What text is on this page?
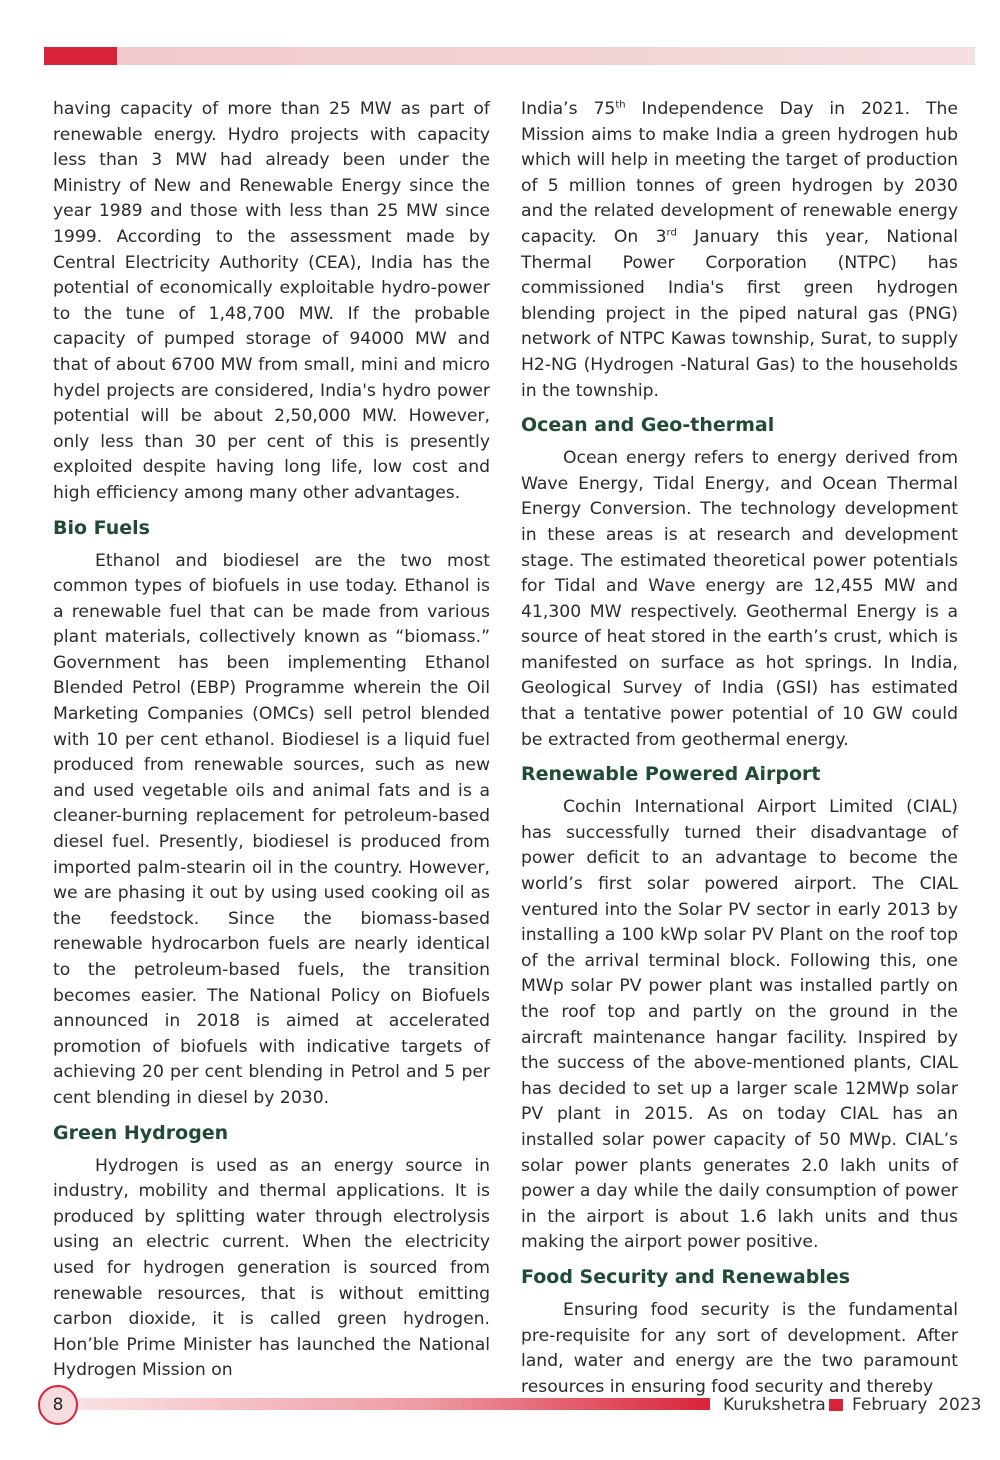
having capacity of more than 25 MW as part of renewable energy. Hydro projects with capacity less than 3 MW had already been under the Ministry of New and Renewable Energy since the year 1989 and those with less than 25 MW since 1999. According to the assessment made by Central Electricity Authority (CEA), India has the potential of economically exploitable hydro-power to the tune of 1,48,700 MW. If the probable capacity of pumped storage of 94000 MW and that of about 6700 MW from small, mini and micro hydel projects are considered, India's hydro power potential will be about 2,50,000 MW. However, only less than 30 per cent of this is presently exploited despite having long life, low cost and high efficiency among many other advantages.

Bio Fuels

Ethanol and biodiesel are the two most common types of biofuels in use today. Ethanol is a renewable fuel that can be made from various plant materials, collectively known as “biomass.” Government has been implementing Ethanol Blended Petrol (EBP) Programme wherein the Oil Marketing Companies (OMCs) sell petrol blended with 10 per cent ethanol. Biodiesel is a liquid fuel produced from renewable sources, such as new and used vegetable oils and animal fats and is a cleaner-burning replacement for petroleum-based diesel fuel. Presently, biodiesel is produced from imported palm-stearin oil in the country. However, we are phasing it out by using used cooking oil as the feedstock. Since the biomass-based renewable hydrocarbon fuels are nearly identical to the petroleum-based fuels, the transition becomes easier. The National Policy on Biofuels announced in 2018 is aimed at accelerated promotion of biofuels with indicative targets of achieving 20 per cent blending in Petrol and 5 per cent blending in diesel by 2030.

Green Hydrogen

Hydrogen is used as an energy source in industry, mobility and thermal applications. It is produced by splitting water through electrolysis using an electric current. When the electricity used for hydrogen generation is sourced from renewable resources, that is without emitting carbon dioxide, it is called green hydrogen. Hon’ble Prime Minister has launched the National Hydrogen Mission on

India’s 75th Independence Day in 2021. The Mission aims to make India a green hydrogen hub which will help in meeting the target of production of 5 million tonnes of green hydrogen by 2030 and the related development of renewable energy capacity. On 3rd January this year, National Thermal Power Corporation (NTPC) has commissioned India's first green hydrogen blending project in the piped natural gas (PNG) network of NTPC Kawas township, Surat, to supply H2-NG (Hydrogen -Natural Gas) to the households in the township.

Ocean and Geo-thermal

Ocean energy refers to energy derived from Wave Energy, Tidal Energy, and Ocean Thermal Energy Conversion. The technology development in these areas is at research and development stage. The estimated theoretical power potentials for Tidal and Wave energy are 12,455 MW and 41,300 MW respectively. Geothermal Energy is a source of heat stored in the earth’s crust, which is manifested on surface as hot springs. In India, Geological Survey of India (GSI) has estimated that a tentative power potential of 10 GW could be extracted from geothermal energy.

Renewable Powered Airport

Cochin International Airport Limited (CIAL) has successfully turned their disadvantage of power deficit to an advantage to become the world’s first solar powered airport. The CIAL ventured into the Solar PV sector in early 2013 by installing a 100 kWp solar PV Plant on the roof top of the arrival terminal block. Following this, one MWp solar PV power plant was installed partly on the roof top and partly on the ground in the aircraft maintenance hangar facility. Inspired by the success of the above-mentioned plants, CIAL has decided to set up a larger scale 12MWp solar PV plant in 2015. As on today CIAL has an installed solar power capacity of 50 MWp. CIAL’s solar power plants generates 2.0 lakh units of power a day while the daily consumption of power in the airport is about 1.6 lakh units and thus making the airport power positive.

Food Security and Renewables

Ensuring food security is the fundamental pre-requisite for any sort of development. After land, water and energy are the two paramount resources in ensuring food security and thereby

8	Kurukshetra February  2023
